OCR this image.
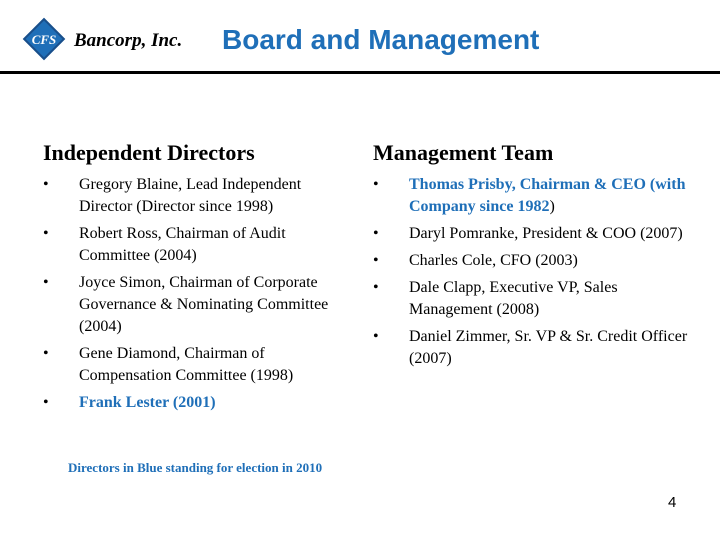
CFS Bancorp, Inc. Board and Management
Independent Directors
• Gregory Blaine, Lead Independent Director (Director since 1998)
• Robert Ross, Chairman of Audit Committee (2004)
• Joyce Simon, Chairman of Corporate Governance & Nominating Committee (2004)
• Gene Diamond, Chairman of Compensation Committee (1998)
• Frank Lester (2001)
Management Team
• Thomas Prisby, Chairman & CEO (with Company since 1982)
• Daryl Pomranke, President & COO (2007)
• Charles Cole, CFO (2003)
• Dale Clapp, Executive VP, Sales Management (2008)
• Daniel Zimmer, Sr. VP & Sr. Credit Officer (2007)
Directors in Blue standing for election in 2010
4
